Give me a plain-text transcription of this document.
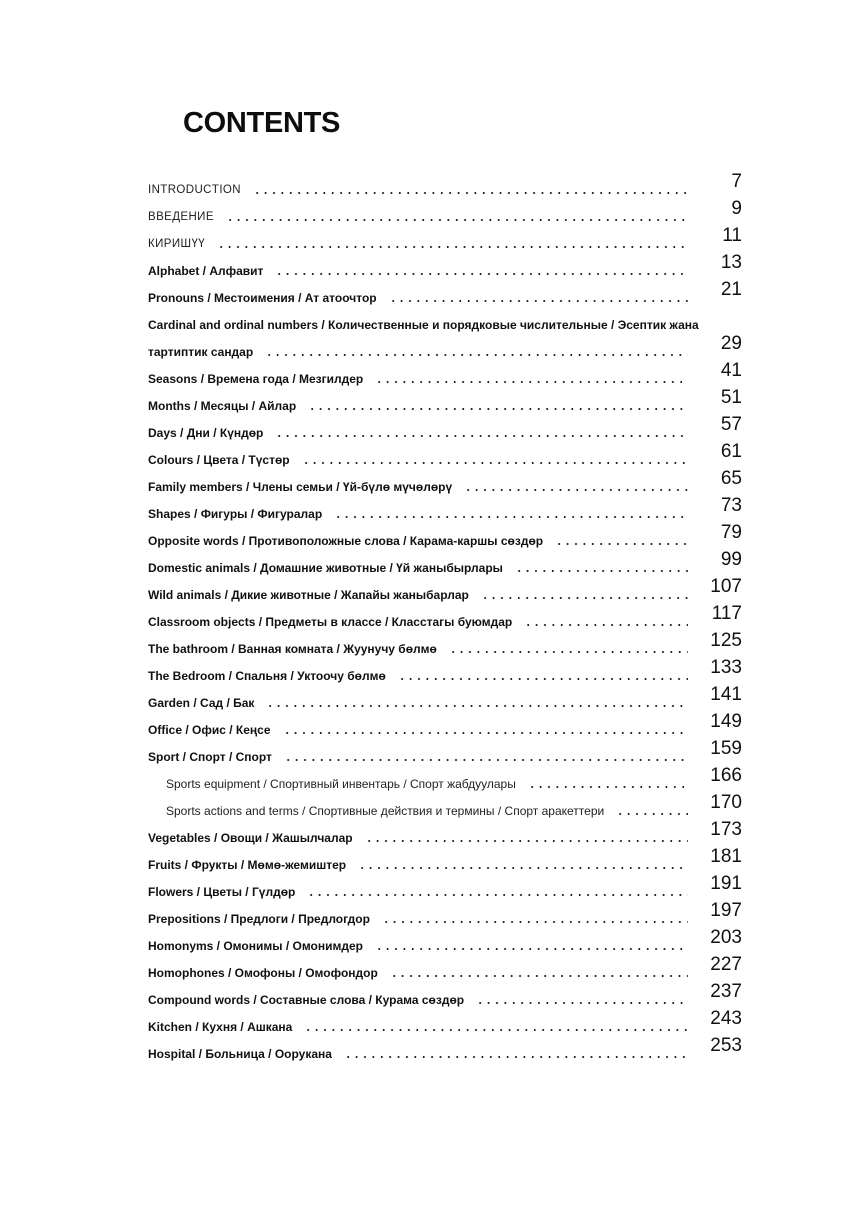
CONTENTS
INTRODUCTION	7
ВВЕДЕНИЕ	9
КИРИШҮҮ	11
Alphabet / Алфавит	13
Pronouns / Местоимения / Ат атоочтор	21
Cardinal and ordinal numbers / Количественные и порядковые числительные / Эсептик жана
тартиптик сандар	29
Seasons / Времена года / Мезгилдер	41
Months / Месяцы / Айлар	51
Days / Дни / Күндөр	57
Colours / Цвета / Түстөр	61
Family members / Члены семьи / Үй-бүлө мүчөлөрү	65
Shapes / Фигуры / Фигуралар	73
Opposite words / Противоположные слова / Карама-каршы сөздөр	79
Domestic animals / Домашние животные / Үй жаныбырлары	99
Wild animals / Дикие животные / Жапайы жаныбарлар	107
Classroom objects / Предметы в классе / Класстагы буюмдар	117
The bathroom / Ванная комната / Жуунучу бөлмө	125
The Bedroom / Спальня / Уктоочу бөлмө	133
Garden / Сад / Бак	141
Office / Офис / Кеңсе	149
Sport / Спорт / Спорт	159
Sports equipment / Спортивный инвентарь / Спорт жабдуулары	166
Sports actions and terms / Спортивные действия и термины / Спорт аракеттери	170
Vegetables / Овощи / Жашылчалар	173
Fruits / Фрукты / Мөмө-жемиштер	181
Flowers / Цветы / Гүлдөр	191
Prepositions / Предлоги / Предлогдор	197
Homonyms / Омонимы / Омонимдер	203
Homophones / Омофоны / Омофондор	227
Compound words / Составные слова / Курама сөздөр	237
Kitchen / Кухня / Ашкана	243
Hospital / Больница / Оорукана	253
